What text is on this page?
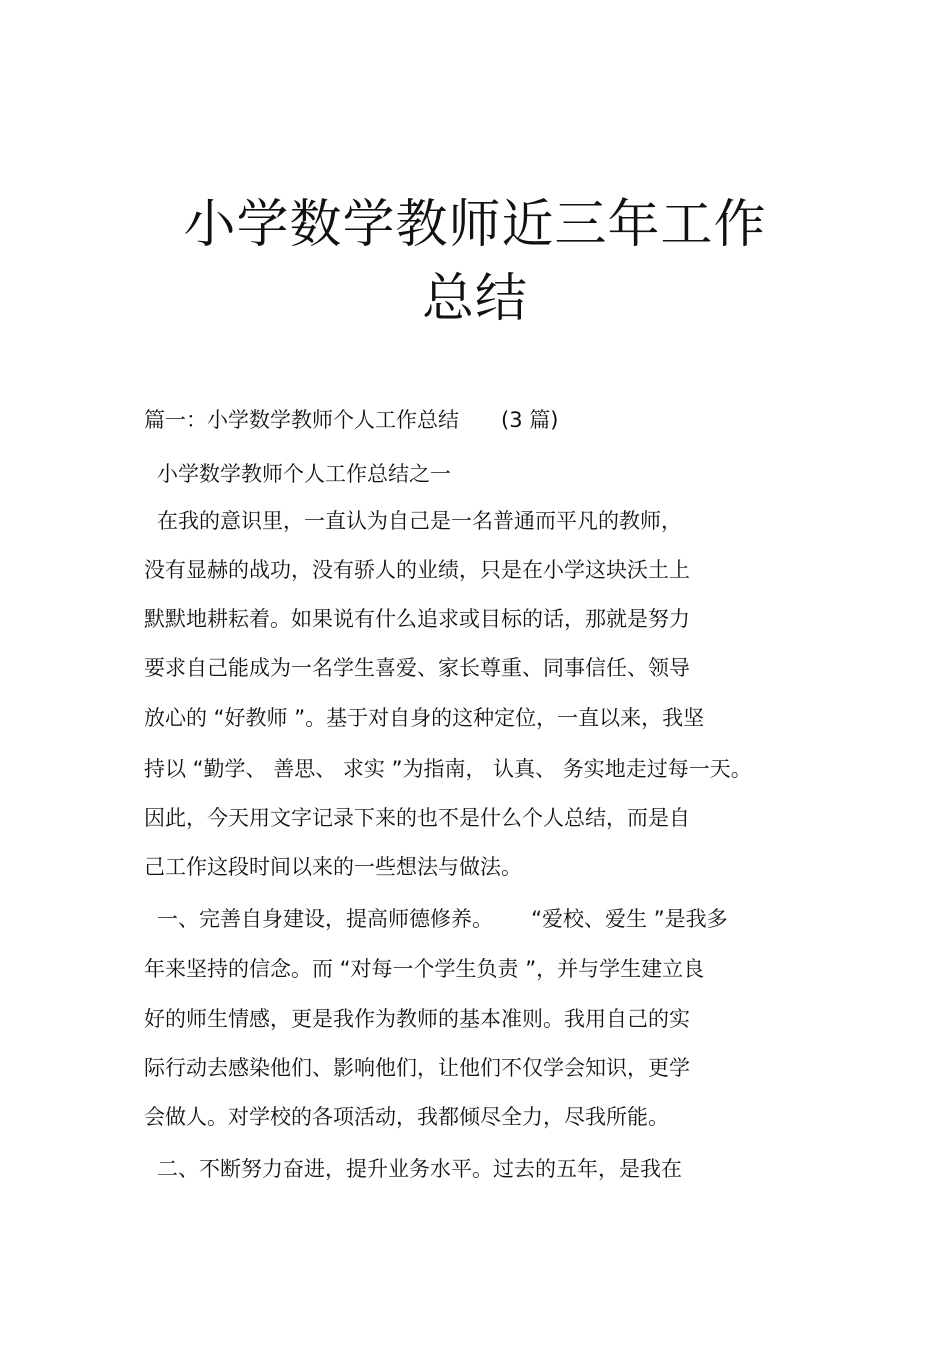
小学数学教师近三年工作
总结
篇一：小学数学教师个人工作总结　　(3 篇)
小学数学教师个人工作总结之一
在我的意识里，一直认为自己是一名普通而平凡的教师，
没有显赫的战功，没有骄人的业绩，只是在小学这块沃土上
默默地耕耘着。如果说有什么追求或目标的话，那就是努力
要求自己能成为一名学生喜爱、家长尊重、同事信任、领导
放心的 “好教师 ”。基于对自身的这种定位，一直以来，我坚
持以 “勤学、 善思、 求实 ”为指南， 认真、 务实地走过每一天。
因此，今天用文字记录下来的也不是什么个人总结，而是自
己工作这段时间以来的一些想法与做法。
一、完善自身建设，提高师德修养。　　 “爱校、爱生 ”是我多
年来坚持的信念。而 “对每一个学生负责 ”，并与学生建立良
好的师生情感，更是我作为教师的基本准则。我用自己的实
际行动去感染他们、影响他们，让他们不仅学会知识，更学
会做人。对学校的各项活动，我都倾尽全力，尽我所能。
二、不断努力奋进，提升业务水平。过去的五年，是我在
